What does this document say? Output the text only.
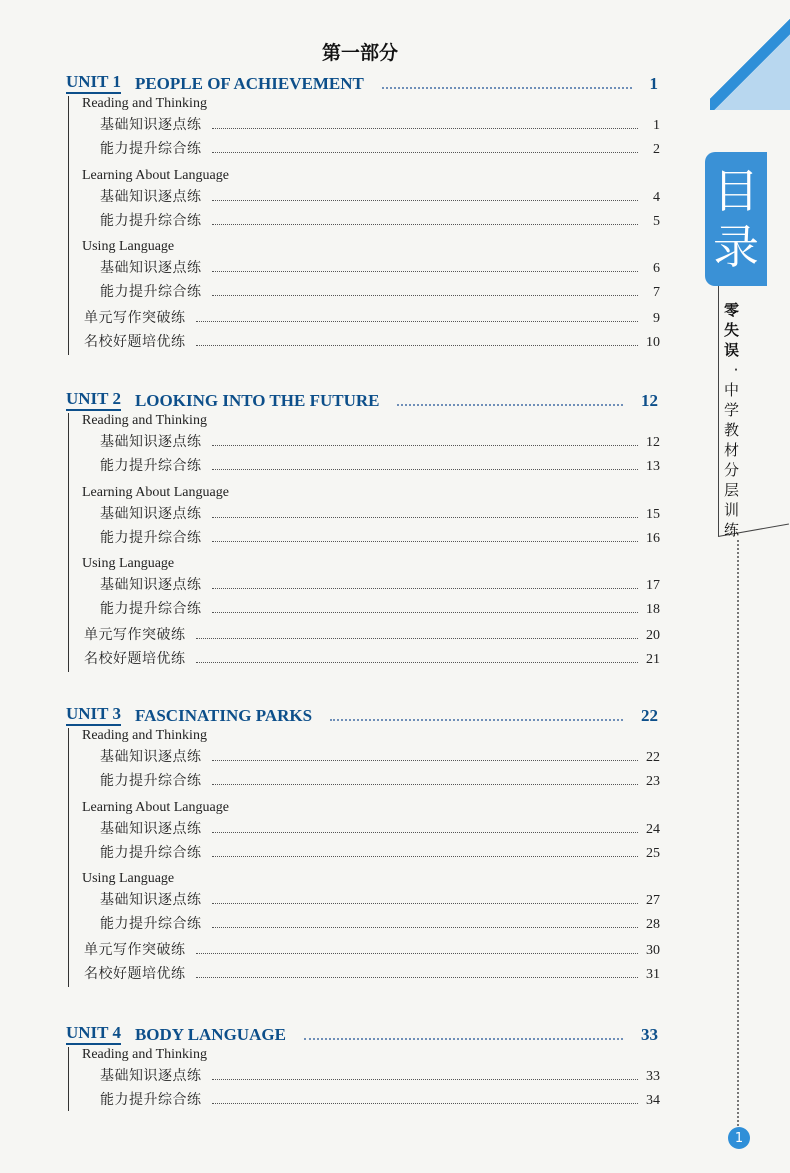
第一部分
UNIT 1 PEOPLE OF ACHIEVEMENT	1
Reading and Thinking
基础知识逐点练	1
能力提升综合练	2
Learning About Language
基础知识逐点练	4
能力提升综合练	5
Using Language
基础知识逐点练	6
能力提升综合练	7
单元写作突破练	9
名校好题培优练	10
UNIT 2 LOOKING INTO THE FUTURE	12
Reading and Thinking
基础知识逐点练	12
能力提升综合练	13
Learning About Language
基础知识逐点练	15
能力提升综合练	16
Using Language
基础知识逐点练	17
能力提升综合练	18
单元写作突破练	20
名校好题培优练	21
UNIT 3 FASCINATING PARKS	22
Reading and Thinking
基础知识逐点练	22
能力提升综合练	23
Learning About Language
基础知识逐点练	24
能力提升综合练	25
Using Language
基础知识逐点练	27
能力提升综合练	28
单元写作突破练	30
名校好题培优练	31
UNIT 4 BODY LANGUAGE	33
Reading and Thinking
基础知识逐点练	33
能力提升综合练	34
目
录
零失误
·
中学教材分层训练
1
